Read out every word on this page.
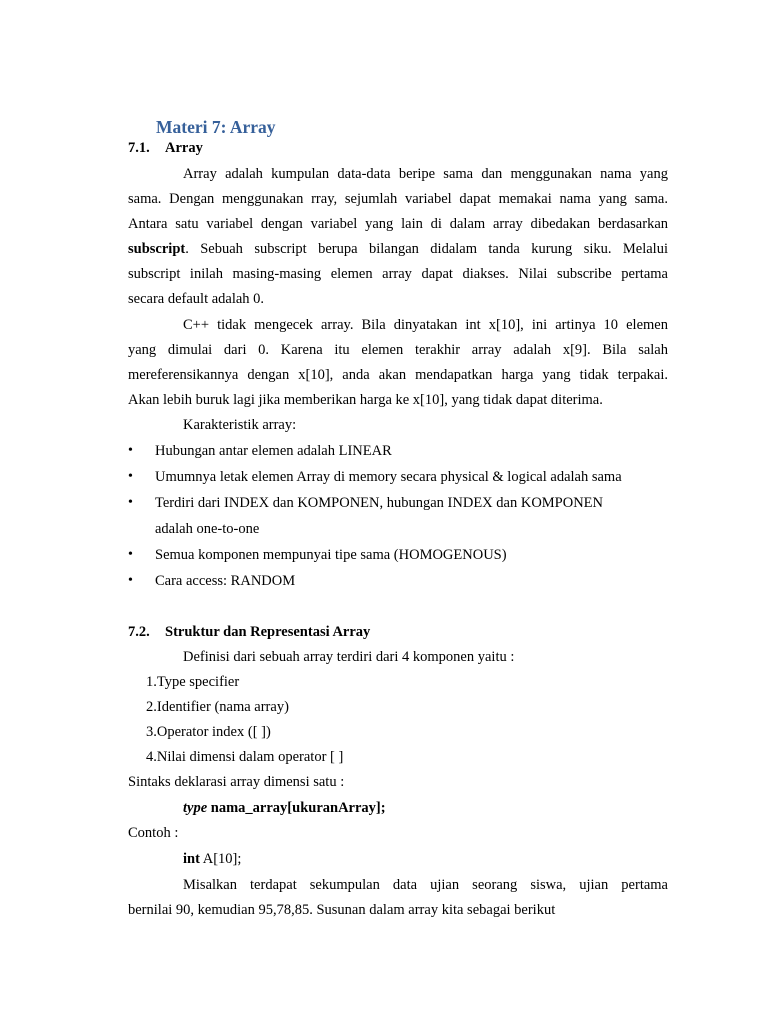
Materi 7: Array
7.1. Array
Array adalah kumpulan data-data beripe sama dan menggunakan nama yang
sama. Dengan menggunakan rray, sejumlah variabel dapat memakai nama yang sama.
Antara satu variabel dengan variabel yang lain di dalam array dibedakan berdasarkan
subscript. Sebuah subscript berupa bilangan didalam tanda kurung siku. Melalui
subscript inilah masing-masing elemen array dapat diakses. Nilai subscribe pertama
secara default adalah 0.
C++ tidak mengecek array. Bila dinyatakan int x[10], ini artinya 10 elemen
yang dimulai dari 0. Karena itu elemen terakhir array adalah x[9]. Bila salah
mereferensikannya dengan x[10], anda akan mendapatkan harga yang tidak terpakai.
Akan lebih buruk lagi jika memberikan harga ke x[10], yang tidak dapat diterima.
Karakteristik array:
•	Hubungan antar elemen adalah LINEAR
•	Umumnya letak elemen Array di memory secara physical & logical adalah sama
•	Terdiri dari INDEX dan KOMPONEN, hubungan INDEX dan KOMPONEN
adalah one-to-one
•	Semua komponen mempunyai tipe sama (HOMOGENOUS)
•	Cara access: RANDOM
7.2. Struktur dan Representasi Array
Definisi dari sebuah array terdiri dari 4 komponen yaitu :
1.Type specifier
2.Identifier (nama array)
3.Operator index ([ ])
4.Nilai dimensi dalam operator [ ]
Sintaks deklarasi array dimensi satu :
type nama_array[ukuranArray];
Contoh :
int A[10];
Misalkan terdapat sekumpulan data ujian seorang siswa, ujian pertama
bernilai 90, kemudian 95,78,85. Susunan dalam array kita sebagai berikut
